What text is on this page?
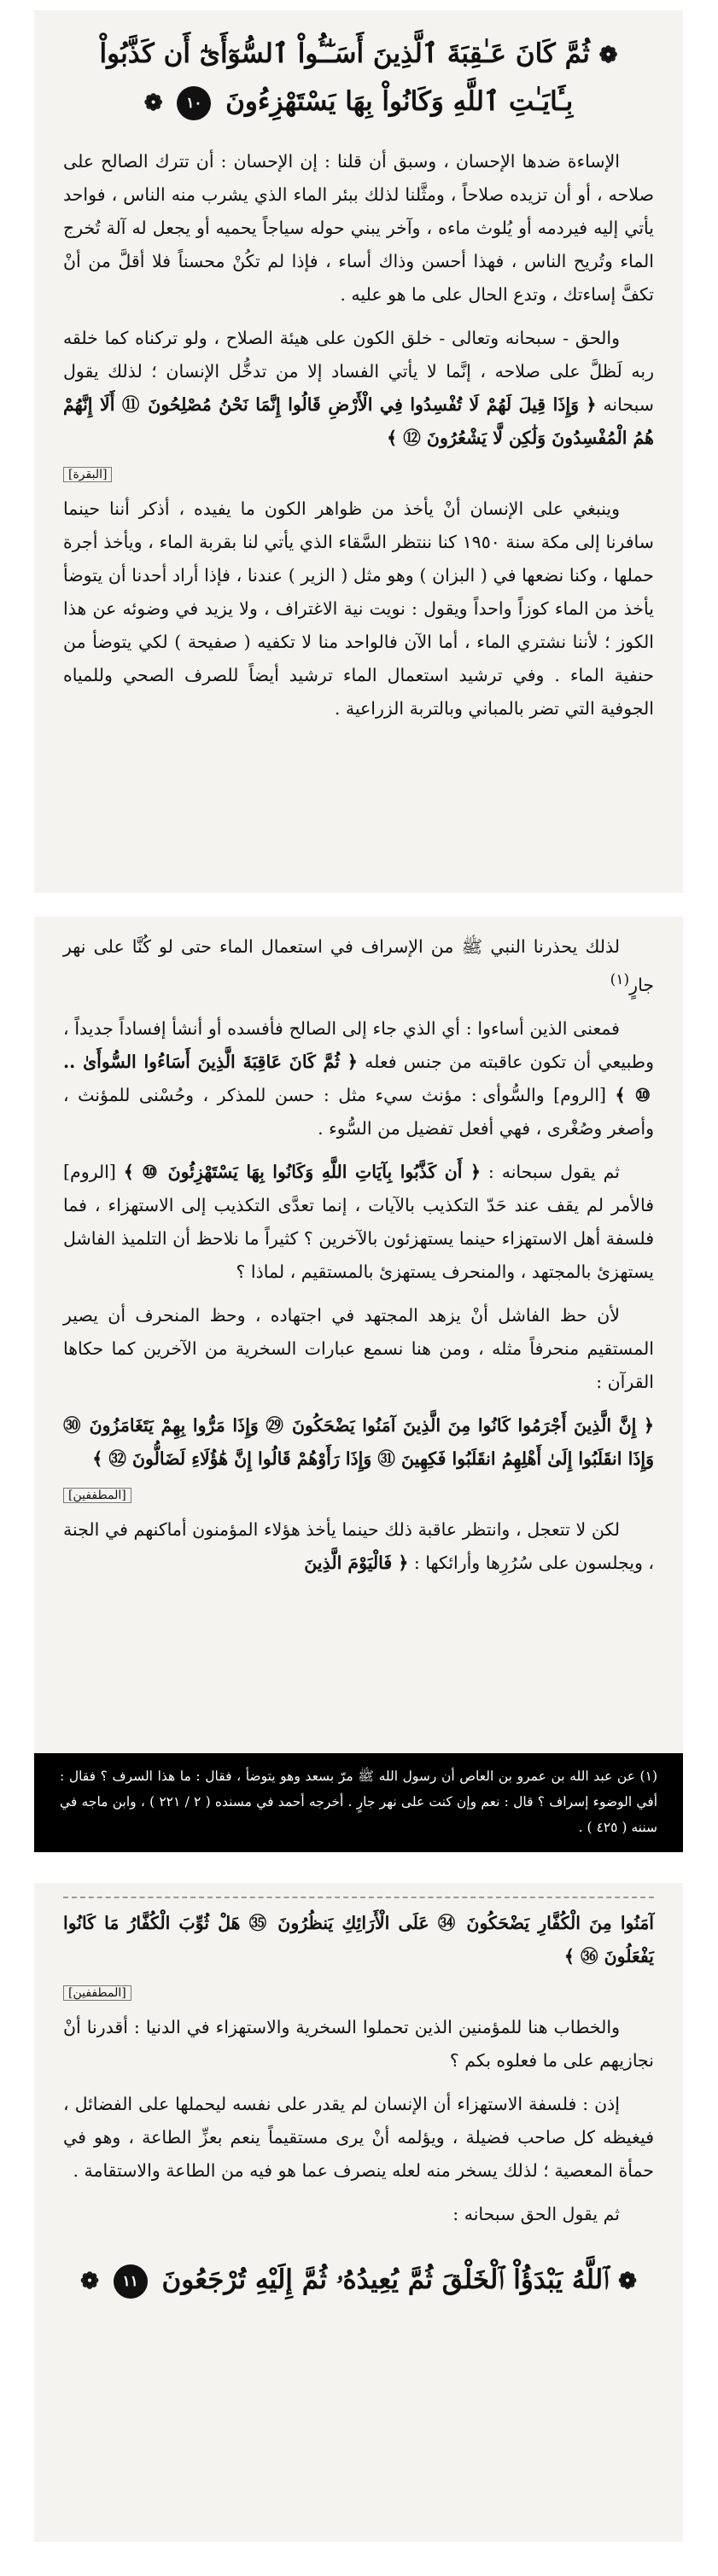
❁ ثُمَّ كَانَ عَـٰقِبَةَ ٱلَّذِينَ أَسَـٰٓـُٔواْ ٱلسُّوٓأَىٰٓ أَن كَذَّبُواْ
بِـَٔايَـٰتِ ٱللَّهِ وَكَانُواْ بِهَا يَسْتَهْزِءُونَ ١٠ ❁

الإساءة ضدها الإحسان ، وسبق أن قلنا : إن الإحسان : أن تترك الصالح على صلاحه ، أو أن تزيده صلاحاً ، ومثَّلنا لذلك ببئر الماء الذي يشرب منه الناس ، فواحد يأتي إليه فيردمه أو يُلوث ماءه ، وآخر يبني حوله سياجاً يحميه أو يجعل له آلة تُخرج الماء وتُريح الناس ، فهذا أحسن وذاك أساء ، فإذا لم تكُنْ محسناً فلا أقلَّ من أنْ تكفَّ إساءتك ، وتدع الحال على ما هو عليه .

والحق - سبحانه وتعالى - خلق الكون على هيئة الصلاح ، ولو تركناه كما خلقه ربه لَظلَّ على صلاحه ، إنَّما لا يأتي الفساد إلا من تدخُّل الإنسان ؛ لذلك يقول سبحانه ﴿ وَإِذَا قِيلَ لَهُمْ لَا تُفْسِدُوا فِي الْأَرْضِ قَالُوا إِنَّمَا نَحْنُ مُصْلِحُونَ ⑪ أَلَا إِنَّهُمْ هُمُ الْمُفْسِدُونَ وَلَٰكِن لَّا يَشْعُرُونَ ⑫ ﴾

[البقرة]

وينبغي على الإنسان أنْ يأخذ من ظواهر الكون ما يفيده ، أذكر أننا حينما سافرنا إلى مكة سنة ١٩٥٠ كنا ننتظر السَّقاء الذي يأتي لنا بقربة الماء ، ويأخذ أجرة حملها ، وكنا نضعها في ( البزان ) وهو مثل ( الزير ) عندنا ، فإذا أراد أحدنا أن يتوضأ يأخذ من الماء كوزاً واحداً ويقول : نويت نية الاغتراف ، ولا يزيد في وضوئه عن هذا الكوز ؛ لأننا نشتري الماء ، أما الآن فالواحد منا لا تكفيه ( صفيحة ) لكي يتوضأ من حنفية الماء . وفي ترشيد استعمال الماء ترشيد أيضاً للصرف الصحي وللمياه الجوفية التي تضر بالمباني وبالتربة الزراعية .

لذلك يحذرنا النبي ﷺ من الإسراف في استعمال الماء حتى لو كُنَّا على نهر جارٍ$^{(١)}$

فمعنى الذين أساءوا : أي الذي جاء إلى الصالح فأفسده أو أنشأ إفساداً جديداً ، وطبيعي أن تكون عاقبته من جنس فعله ﴿ ثُمَّ كَانَ عَاقِبَةَ الَّذِينَ أَسَاءُوا السُّوأَىٰ .. ⑩ ﴾ [الروم] والسُّوأى : مؤنث سيء مثل : حسن للمذكر ، وحُسْنى للمؤنث ، وأصغر وصُغْرى ، فهي أفعل تفضيل من السُّوء .

ثم يقول سبحانه : ﴿ أَن كَذَّبُوا بِآيَاتِ اللَّهِ وَكَانُوا بِهَا يَسْتَهْزِئُونَ ⑩ ﴾ [الروم] فالأمر لم يقف عند حَدّ التكذيب بالآيات ، إنما تعدَّى التكذيب إلى الاستهزاء ، فما فلسفة أهل الاستهزاء حينما يستهزئون بالآخرين ؟ كثيراً ما نلاحظ أن التلميذ الفاشل يستهزئ بالمجتهد ، والمنحرف يستهزئ بالمستقيم ، لماذا ؟

لأن حظ الفاشل أنْ يزهد المجتهد في اجتهاده ، وحظ المنحرف أن يصير المستقيم منحرفاً مثله ، ومن هنا نسمع عبارات السخرية من الآخرين كما حكاها القرآن :

﴿ إِنَّ الَّذِينَ أَجْرَمُوا كَانُوا مِنَ الَّذِينَ آمَنُوا يَضْحَكُونَ ㉙ وَإِذَا مَرُّوا بِهِمْ يَتَغَامَزُونَ ㉚ وَإِذَا انقَلَبُوا إِلَىٰ أَهْلِهِمُ انقَلَبُوا فَكِهِينَ ㉛ وَإِذَا رَأَوْهُمْ قَالُوا إِنَّ هَٰؤُلَاءِ لَضَالُّونَ ㉜ ﴾

[المطففين]

لكن لا تتعجل ، وانتظر عاقبة ذلك حينما يأخذ هؤلاء المؤمنون أماكنهم في الجنة ، ويجلسون على سُرُرِها وأرائكها : ﴿ فَالْيَوْمَ الَّذِينَ

(١) عن عبد الله بن عمرو بن العاص أن رسول الله ﷺ مرّ بسعد وهو يتوضأ ، فقال : ما هذا السرف ؟ فقال : أفي الوضوء إسراف ؟ قال : نعم وإن كنت على نهر جارٍ . أخرجه أحمد في مسنده ( ٢ / ٢٢١ ) ، وابن ماجه في سننه ( ٤٢٥ ) .

آمَنُوا مِنَ الْكُفَّارِ يَضْحَكُونَ ㉞ عَلَى الْأَرَائِكِ يَنظُرُونَ ㉟ هَلْ ثُوِّبَ الْكُفَّارُ مَا كَانُوا يَفْعَلُونَ ㊱ ﴾

[المطففين]

والخطاب هنا للمؤمنين الذين تحملوا السخرية والاستهزاء في الدنيا : أقدرنا أنْ نجازيهم على ما فعلوه بكم ؟

إذن : فلسفة الاستهزاء أن الإنسان لم يقدر على نفسه ليحملها على الفضائل ، فيغيظه كل صاحب فضيلة ، ويؤلمه أنْ يرى مستقيماً ينعم بعزِّ الطاعة ، وهو في حمأة المعصية ؛ لذلك يسخر منه لعله ينصرف عما هو فيه من الطاعة والاستقامة .

ثم يقول الحق سبحانه :

❁ ٱللَّهُ يَبْدَؤُاْ ٱلْخَلْقَ ثُمَّ يُعِيدُهُۥ ثُمَّ إِلَيْهِ تُرْجَعُونَ ١١ ❁
